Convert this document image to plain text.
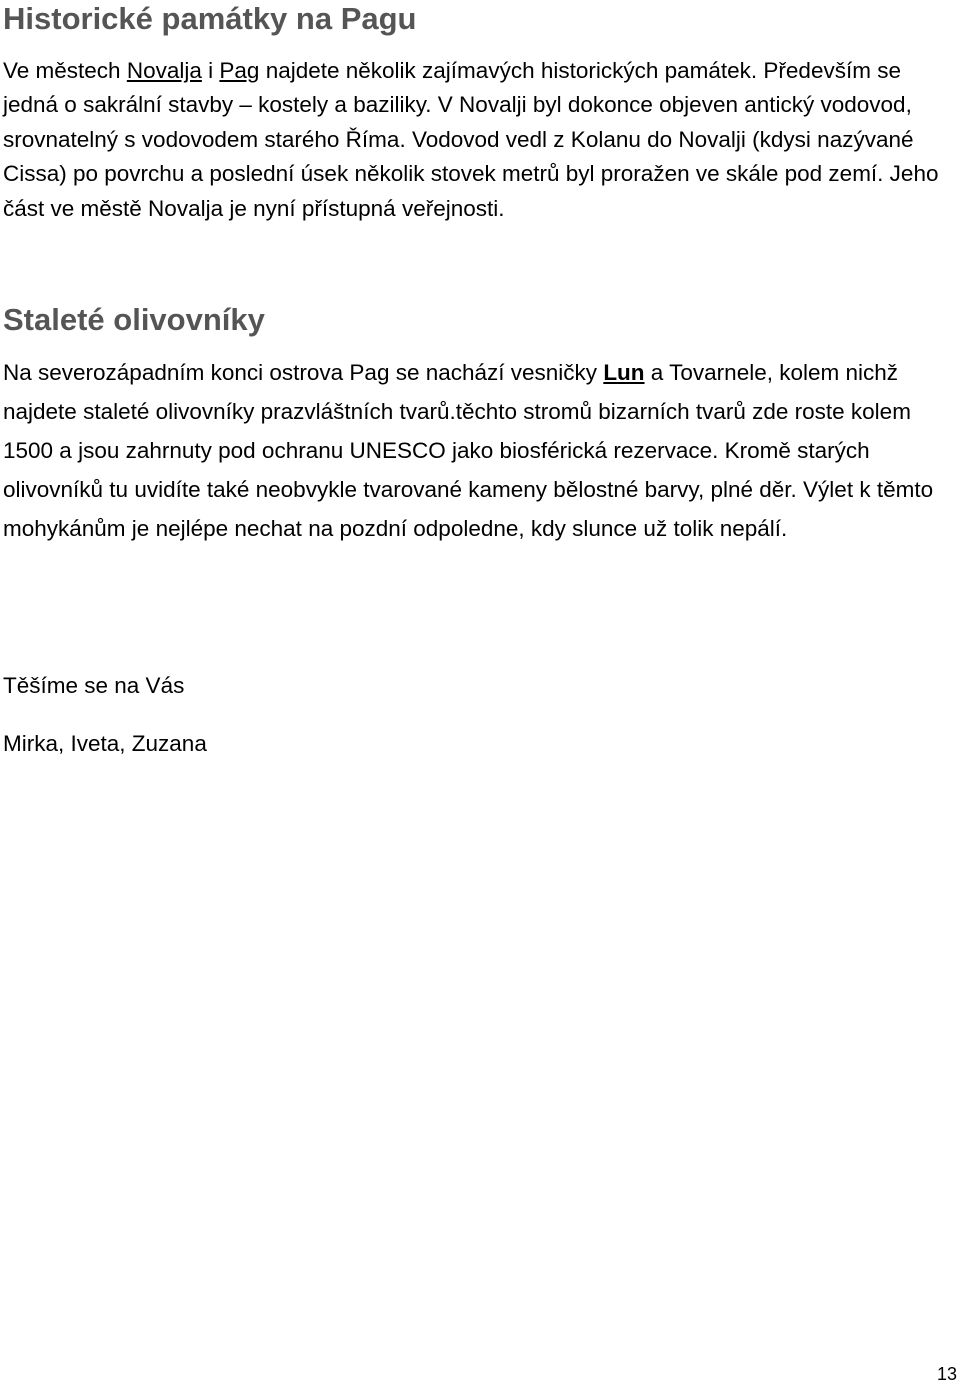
Historické památky na Pagu

Ve městech Novalja i Pag najdete několik zajímavých historických památek. Především se jedná o sakrální stavby – kostely a baziliky. V Novalji byl dokonce objeven antický vodovod, srovnatelný s vodovodem starého Říma. Vodovod vedl z Kolanu do Novalji (kdysi nazývané Cissa) po povrchu a poslední úsek několik stovek metrů byl proražen ve skále pod zemí. Jeho část ve městě Novalja je nyní přístupná veřejnosti.

Staleté olivovníky

Na severozápadním konci ostrova Pag se nachází vesničky Lun a Tovarnele, kolem nichž najdete staleté olivovníky prazvláštních tvarů.těchto stromů bizarních tvarů zde roste kolem 1500 a jsou zahrnuty pod ochranu UNESCO jako biosférická rezervace. Kromě starých olivovníků tu uvidíte také neobvykle tvarované kameny bělostné barvy, plné děr. Výlet k těmto mohykánům je nejlépe nechat na pozdní odpoledne, kdy slunce už tolik nepálí.

Těšíme se na Vás

Mirka, Iveta, Zuzana

13
